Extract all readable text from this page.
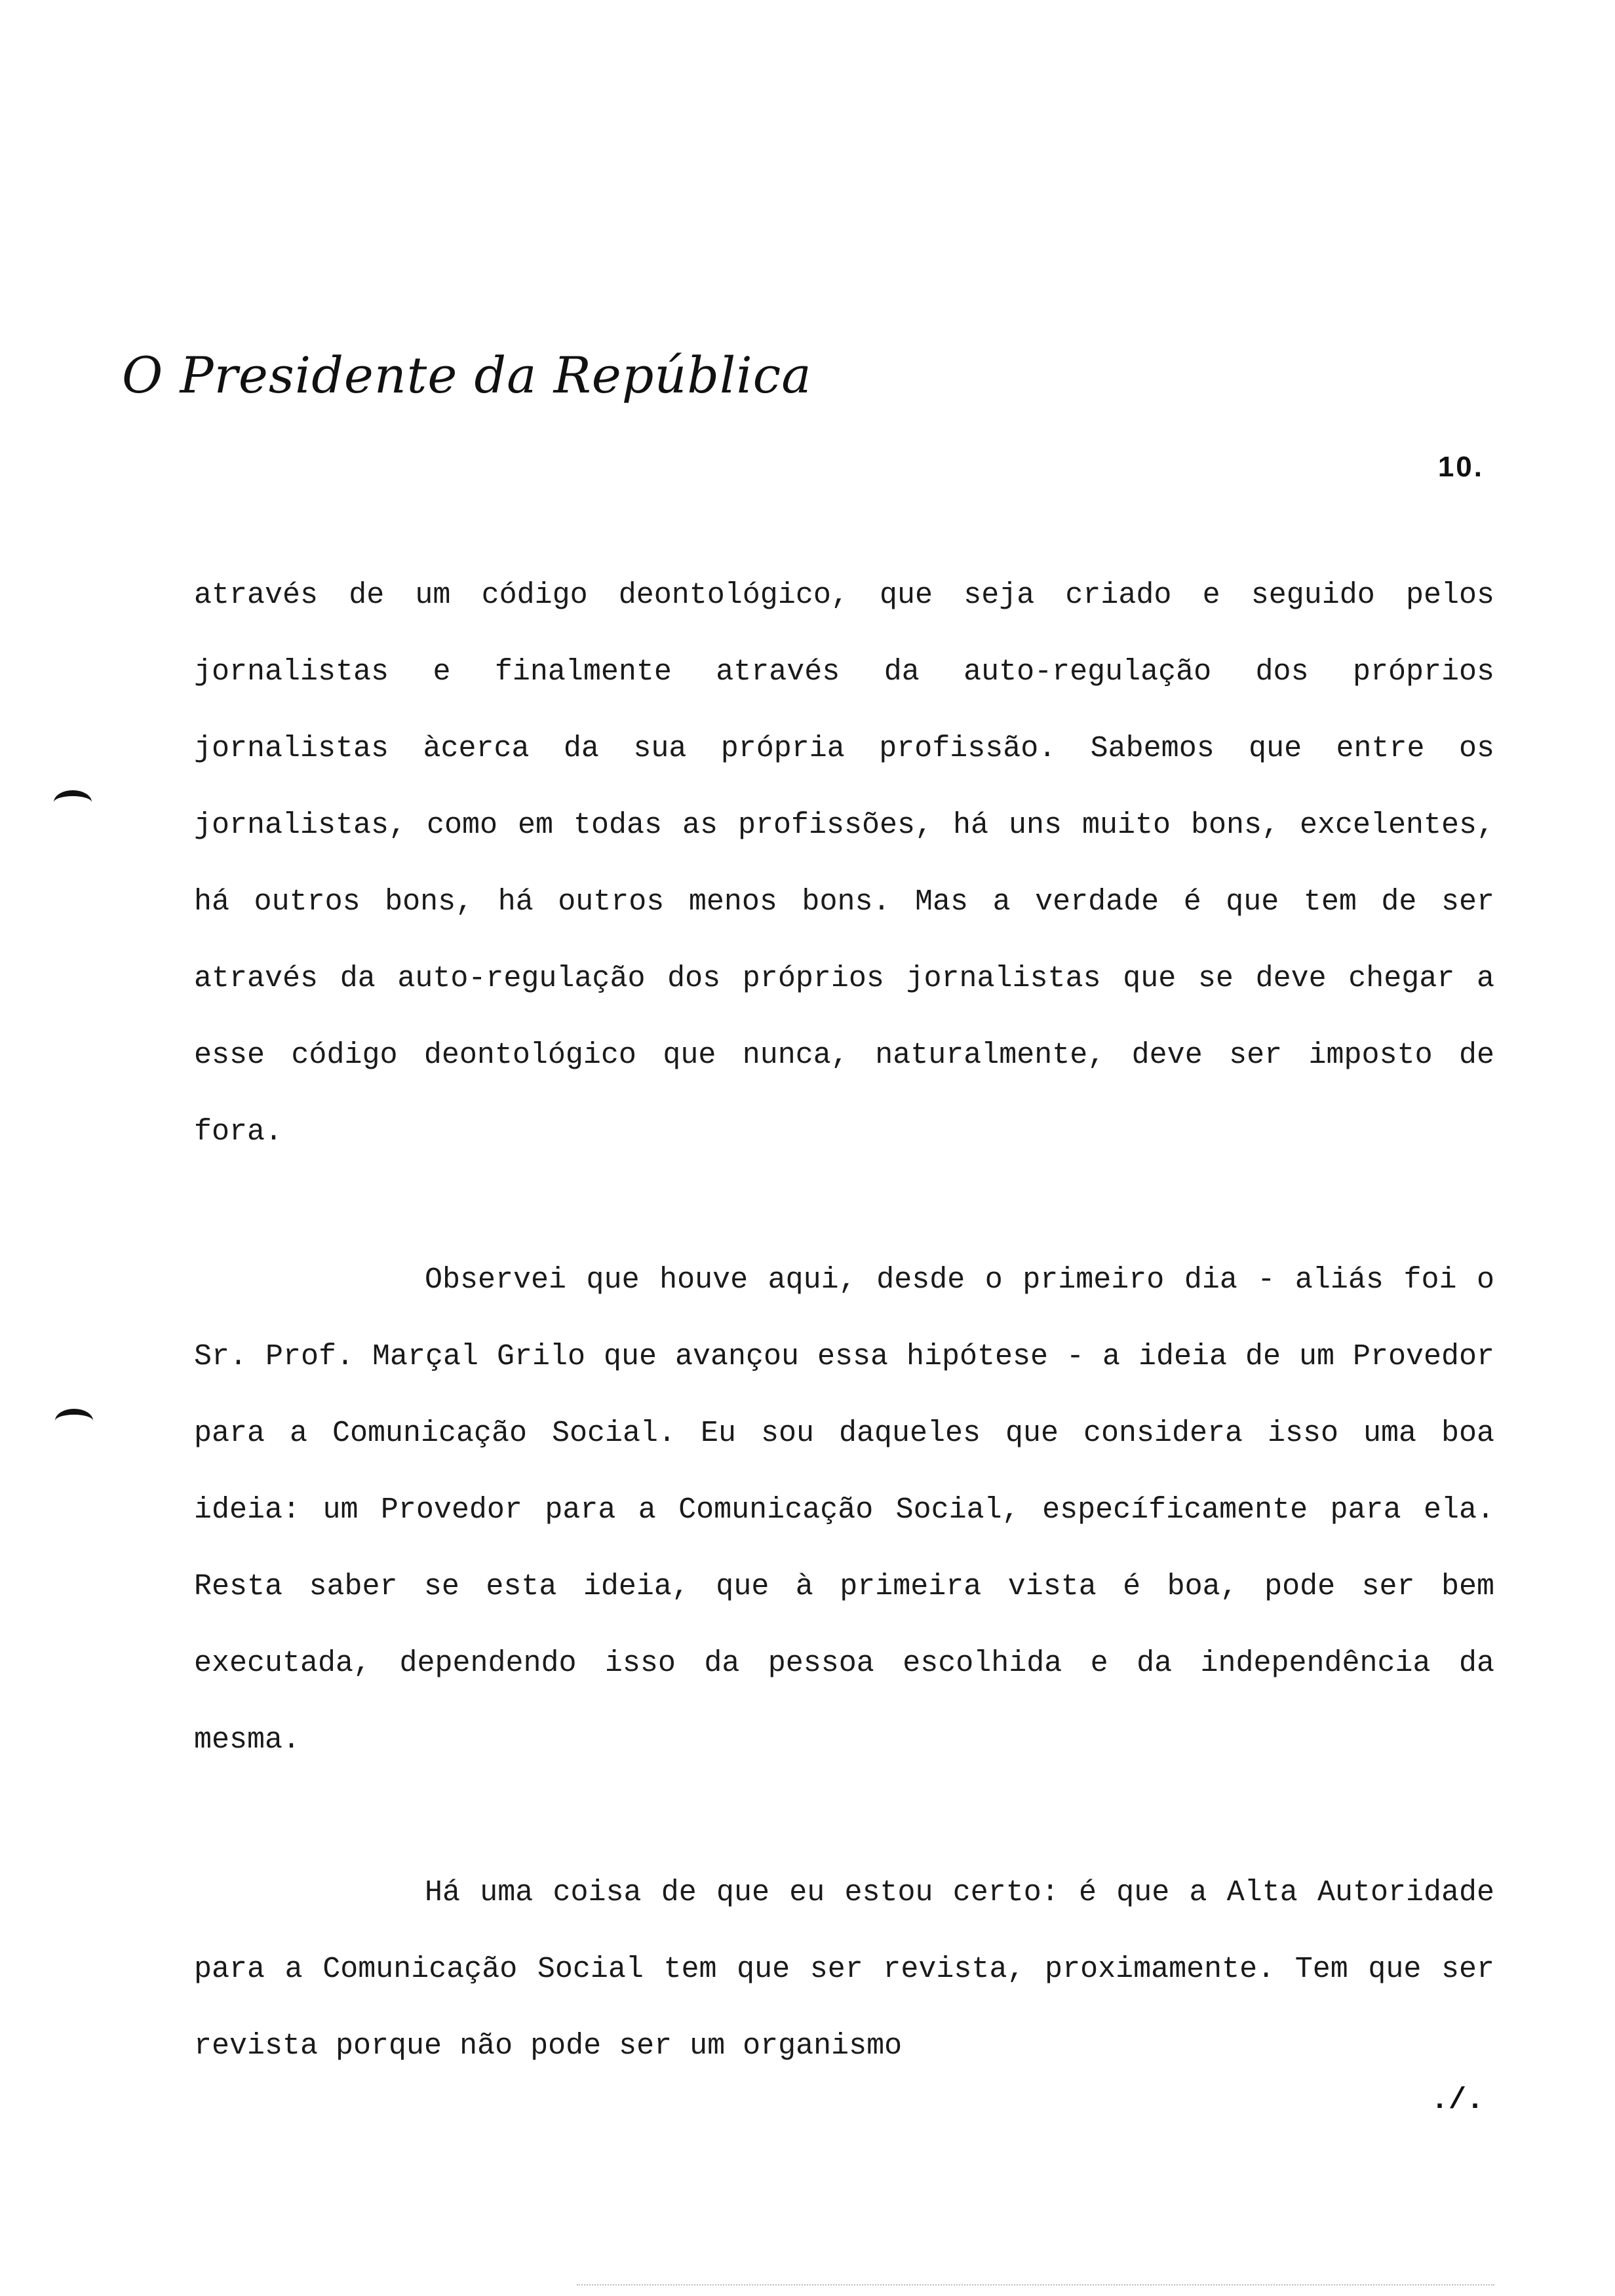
O Presidente da República
10.

através de um código deontológico, que seja criado e seguido pelos jornalistas e finalmente através da auto-regulação dos próprios jornalistas àcerca da sua própria profissão. Sabemos que entre os jornalistas, como em todas as profissões, há uns muito bons, excelentes, há outros bons, há outros menos bons. Mas a verdade é que tem de ser através da auto-regulação dos próprios jornalistas que se deve chegar a esse código deontológico que nunca, naturalmente, deve ser imposto de fora.

Observei que houve aqui, desde o primeiro dia - aliás foi o Sr. Prof. Marçal Grilo que avançou essa hipótese - a ideia de um Provedor para a Comunicação Social. Eu sou daqueles que considera isso uma boa ideia: um Provedor para a Comunicação Social, específicamente para ela. Resta saber se esta ideia, que à primeira vista é boa, pode ser bem executada, dependendo isso da pessoa escolhida e da independência da mesma.

Há uma coisa de que eu estou certo: é que a Alta Autoridade para a Comunicação Social tem que ser revista, proximamente. Tem que ser revista porque não pode ser um organismo

./.
